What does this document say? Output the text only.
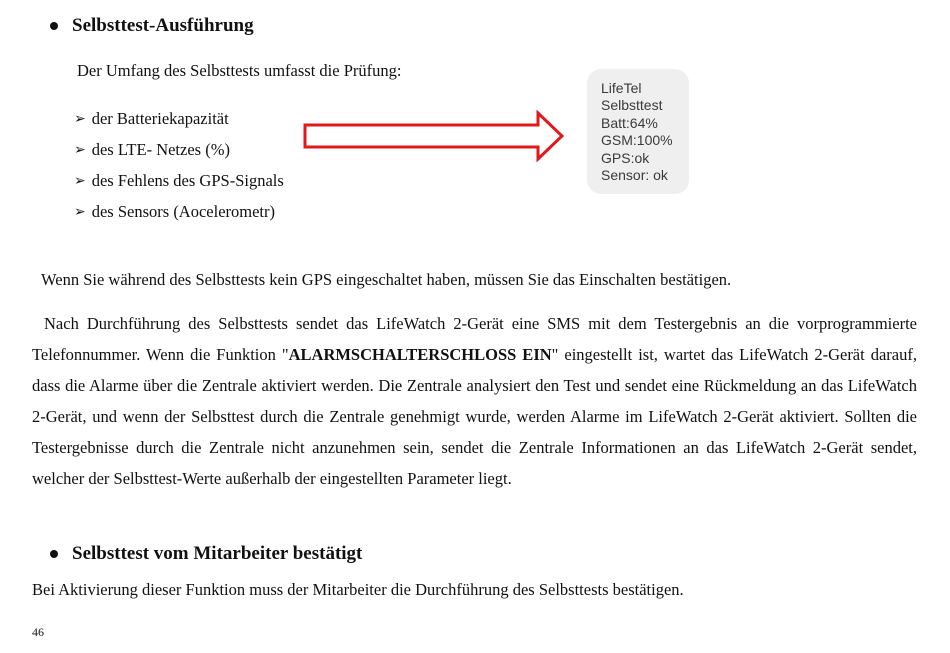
Selbsttest-Ausführung
Der Umfang des Selbsttests umfasst die Prüfung:
➢ der Batteriekapazität
➢ des LTE- Netzes (%)
➢ des Fehlens des GPS-Signals
➢ des Sensors (Aocelerometr)
LifeTel
Selbsttest
Batt:64%
GSM:100%
GPS:ok
Sensor: ok
Wenn Sie während des Selbsttests kein GPS eingeschaltet haben, müssen Sie das Einschalten bestätigen.

Nach Durchführung des Selbsttests sendet das LifeWatch 2-Gerät eine SMS mit dem Testergebnis an die vorprogrammierte Telefonnummer. Wenn die Funktion "ALARMSCHALTERSCHLOSS EIN" eingestellt ist, wartet das LifeWatch 2-Gerät darauf, dass die Alarme über die Zentrale aktiviert werden. Die Zentrale analysiert den Test und sendet eine Rückmeldung an das LifeWatch 2-Gerät, und wenn der Selbsttest durch die Zentrale genehmigt wurde, werden Alarme im LifeWatch 2-Gerät aktiviert. Sollten die Testergebnisse durch die Zentrale nicht anzunehmen sein, sendet die Zentrale Informationen an das LifeWatch 2-Gerät sendet, welcher der Selbsttest-Werte außerhalb der eingestellten Parameter liegt.

Selbsttest vom Mitarbeiter bestätigt
Bei Aktivierung dieser Funktion muss der Mitarbeiter die Durchführung des Selbsttests bestätigen.
46
